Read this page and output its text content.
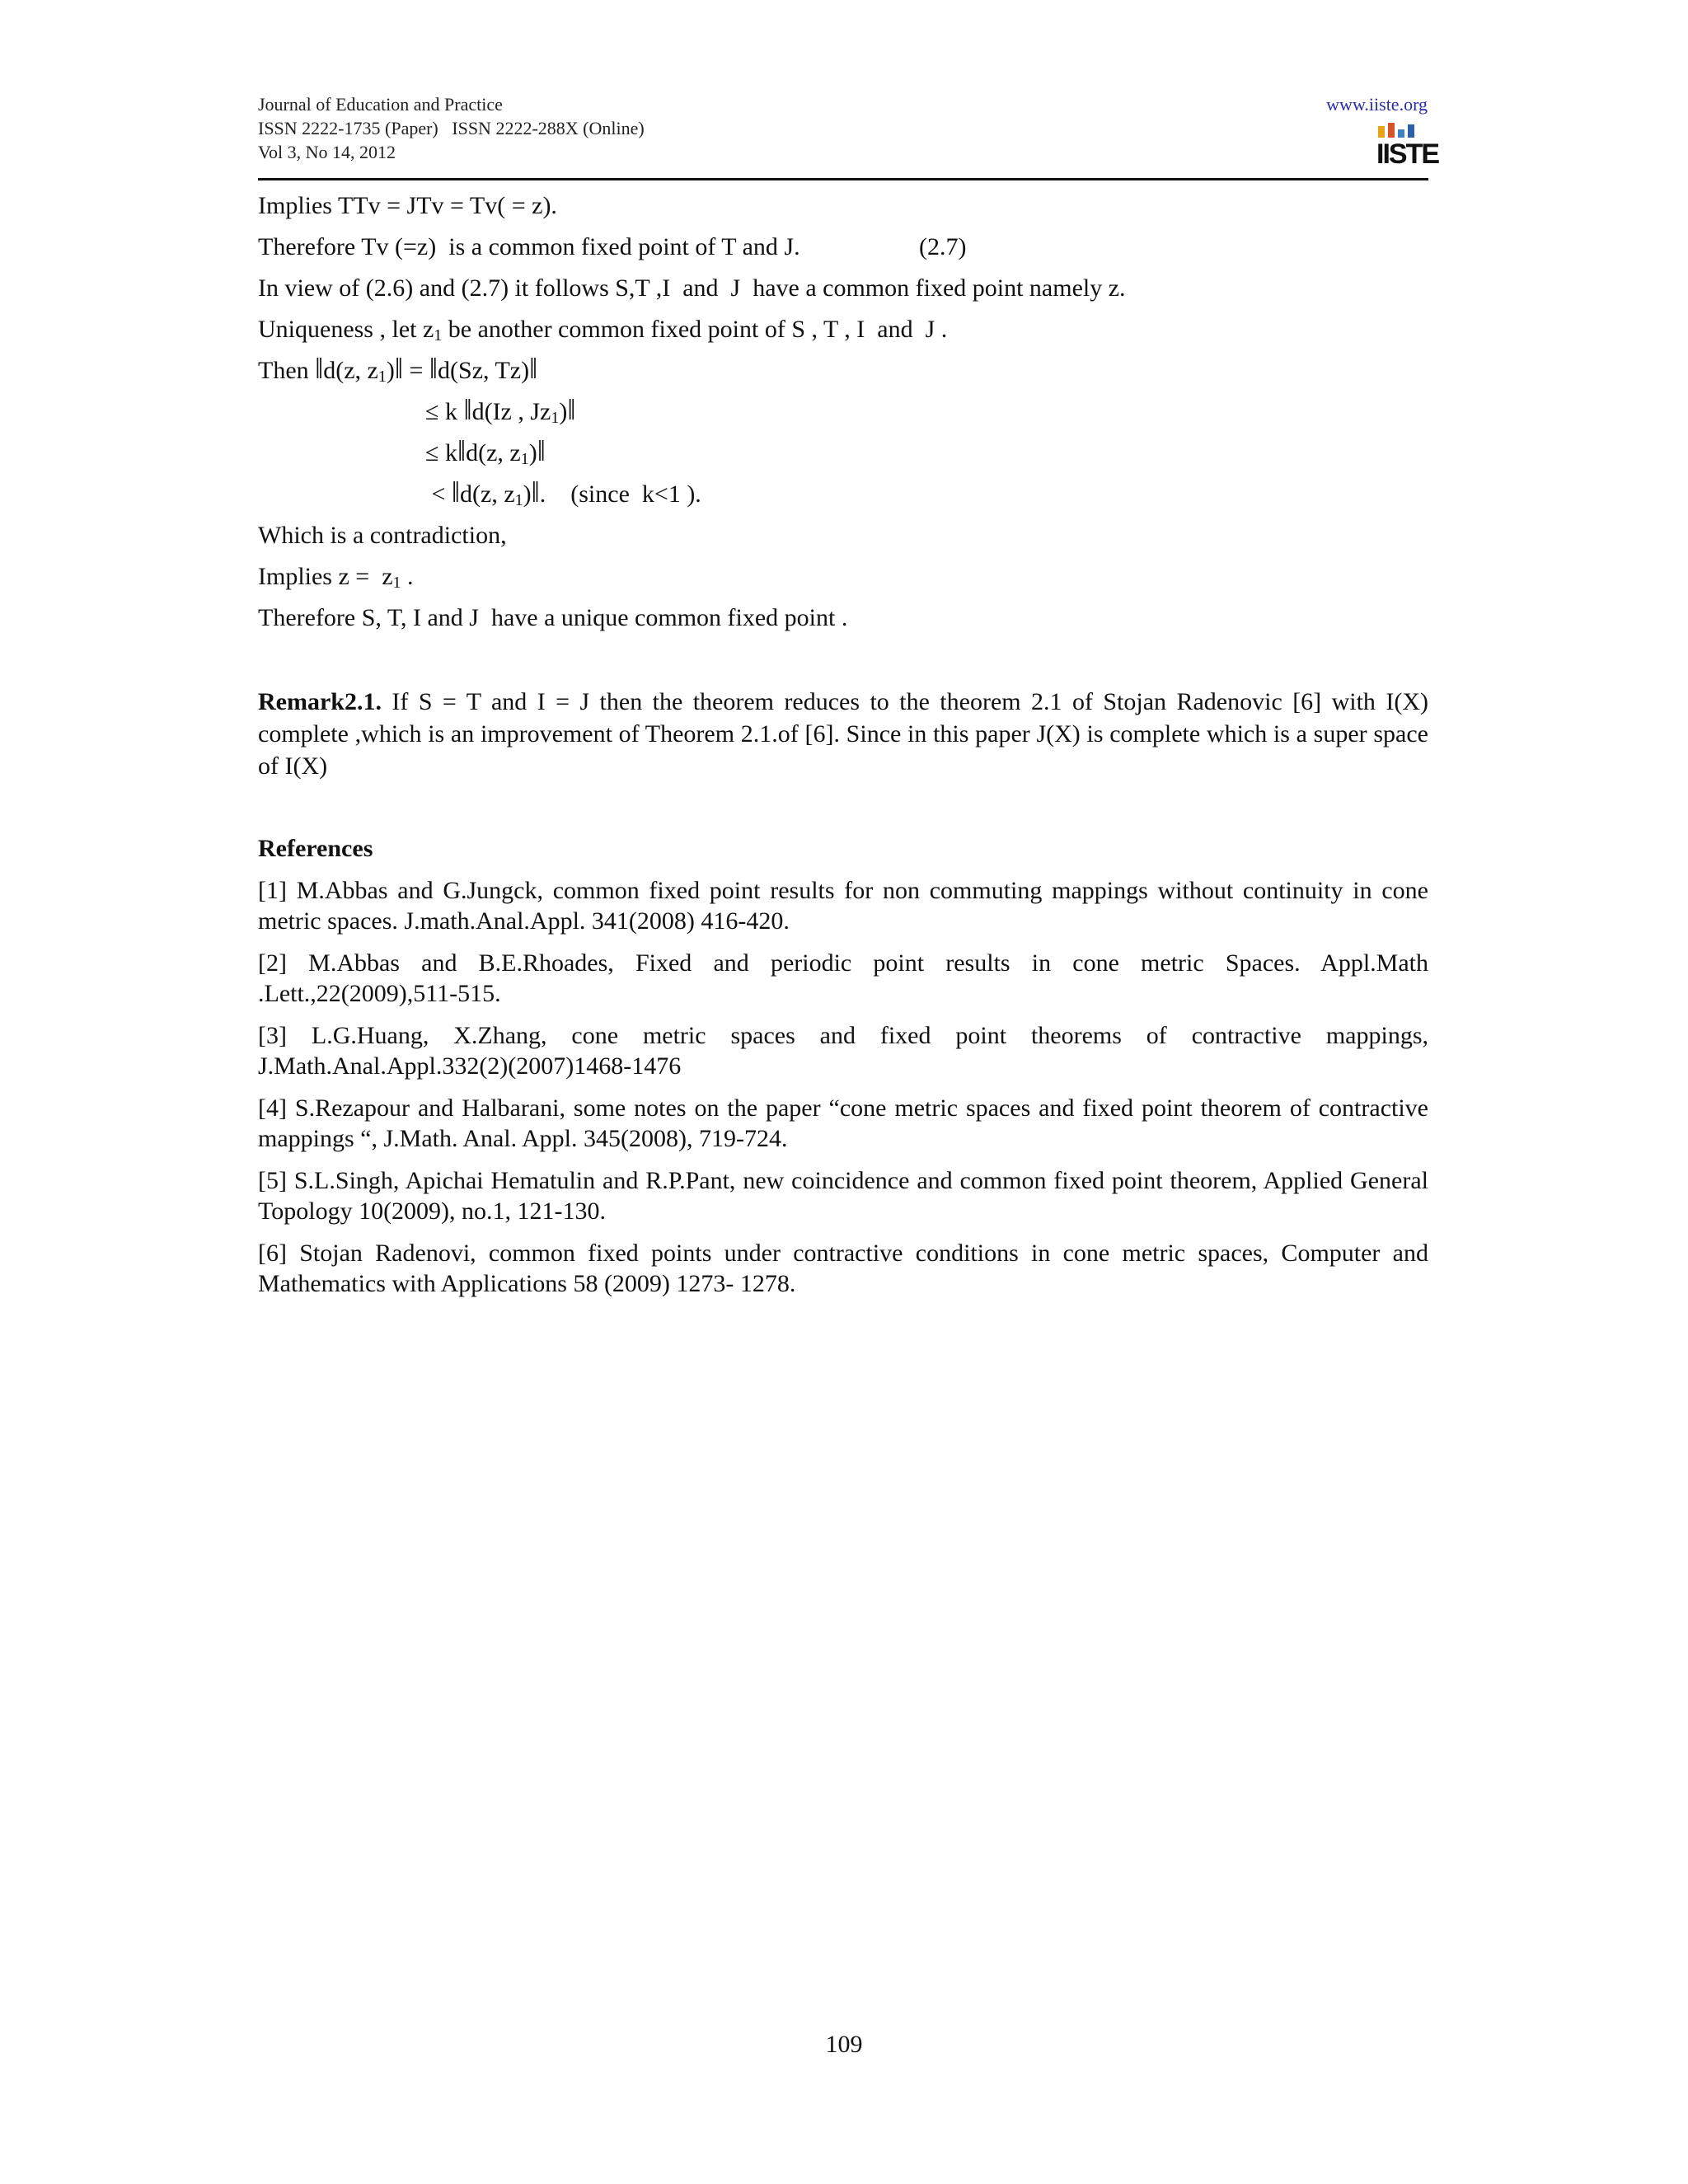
Journal of Education and Practice
ISSN 2222-1735 (Paper)   ISSN 2222-288X (Online)
Vol 3, No 14, 2012
www.iiste.org
IISTE
Implies TTv = JTv = Tv( = z).
Therefore Tv (=z)  is a common fixed point of T and J.	(2.7)
In view of (2.6) and (2.7) it follows S,T ,I  and  J  have a common fixed point namely z.
Uniqueness , let $z_1$ be another common fixed point of S , T , I  and  J .
Then ‖d(z, $z_1)‖$ = ‖d(Sz, Tz)‖
≤ k ‖d(Iz , $Jz_1)‖$
≤ k‖d(z, $z_1)‖$
< ‖d(z, $z_1)‖$.    (since  k<1 ).
Which is a contradiction,
Implies $z = z_1$ .
Therefore S, T, I and J  have a unique common fixed point .
Remark2.1. If S = T and I = J then the theorem reduces to the theorem 2.1 of Stojan Radenovic [6] with I(X) complete ,which is an improvement of Theorem 2.1.of [6]. Since in this paper J(X) is complete which is a super space of I(X)
References
[1] M.Abbas and G.Jungck, common fixed point results for non commuting mappings without continuity in cone metric spaces. J.math.Anal.Appl. 341(2008) 416-420.
[2] M.Abbas and B.E.Rhoades, Fixed and periodic point results in cone metric Spaces. Appl.Math .Lett.,22(2009),511-515.
[3] L.G.Huang, X.Zhang, cone metric spaces and fixed point theorems of contractive mappings, J.Math.Anal.Appl.332(2)(2007)1468-1476
[4] S.Rezapour and Halbarani, some notes on the paper “cone metric spaces and fixed point theorem of contractive mappings “, J.Math. Anal. Appl. 345(2008), 719-724.
[5] S.L.Singh, Apichai Hematulin and R.P.Pant, new coincidence and common fixed point theorem, Applied General Topology 10(2009), no.1, 121-130.
[6] Stojan Radenovi, common fixed points under contractive conditions in cone metric spaces, Computer and Mathematics with Applications 58 (2009) 1273- 1278.
109
